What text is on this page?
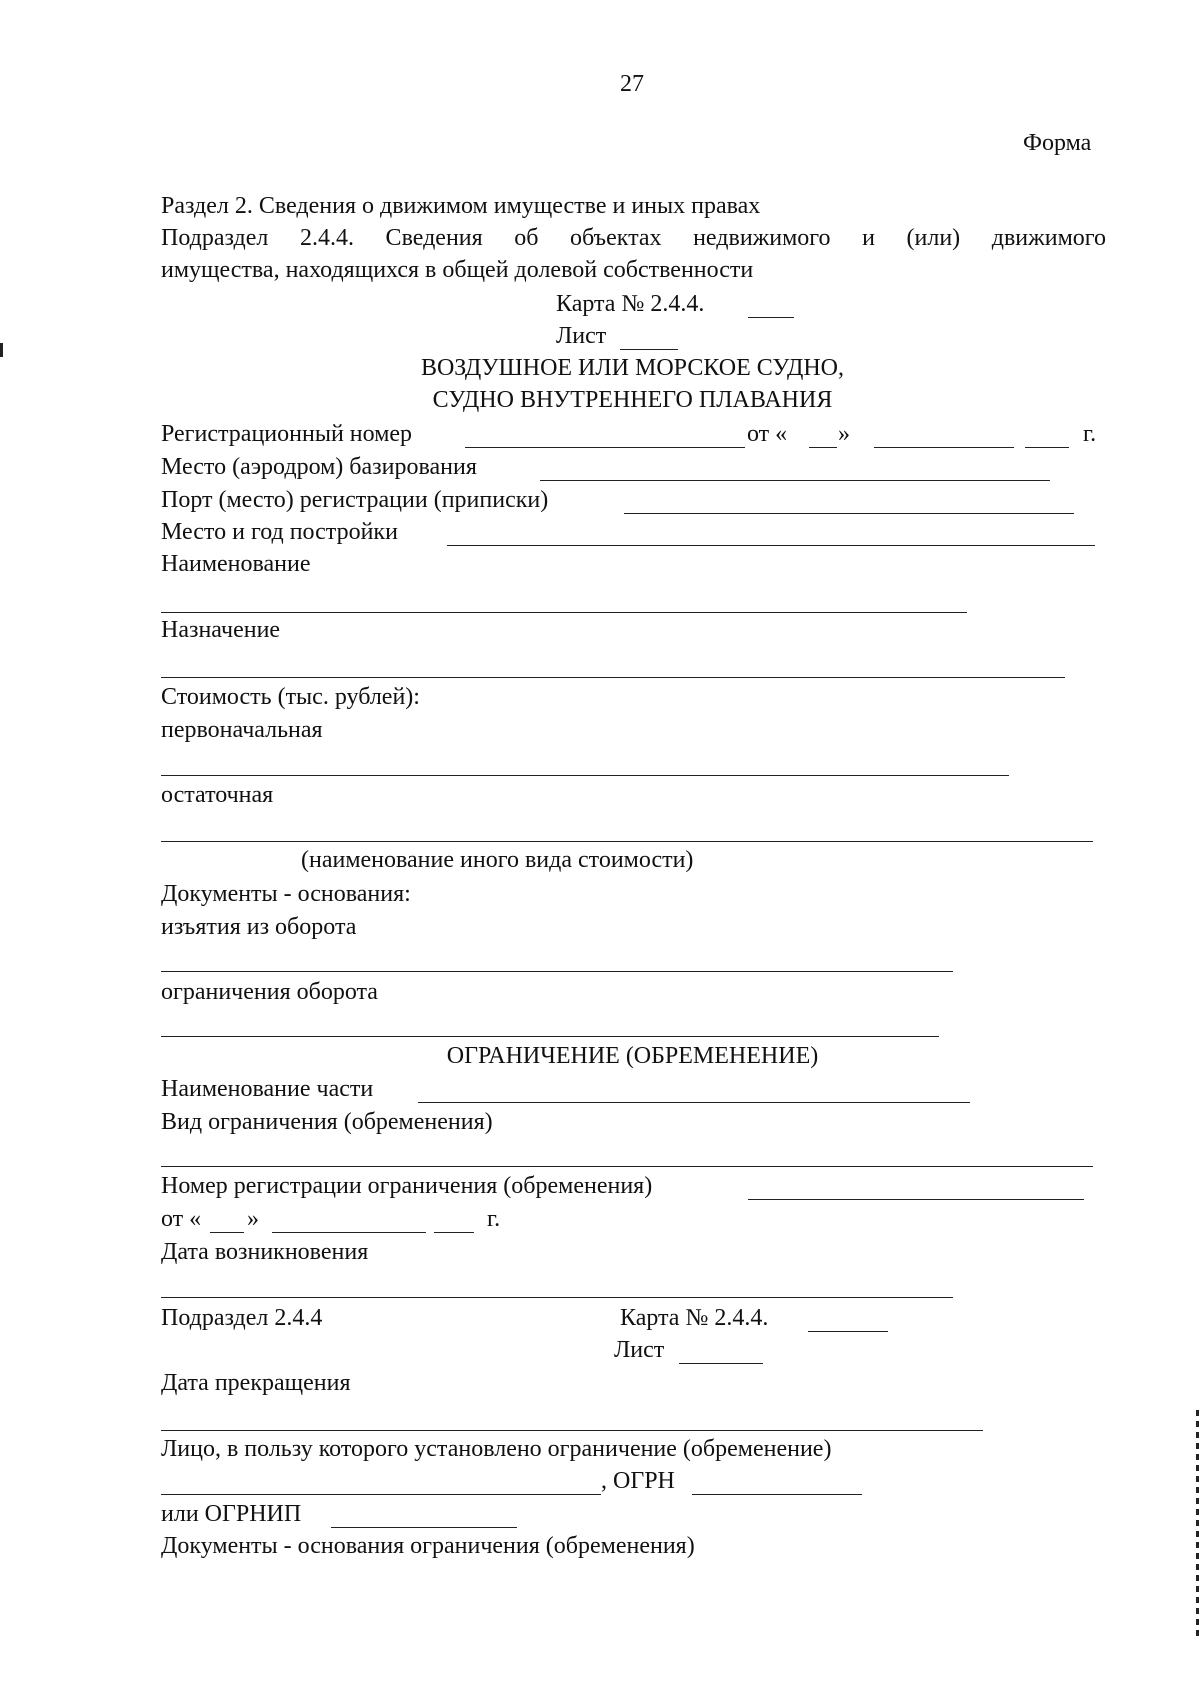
27
Форма
Раздел 2. Сведения о движимом имуществе и иных правах
Подраздел 2.4.4. Сведения об объектах недвижимого и (или) движимого
имущества, находящихся в общей долевой собственности
Карта № 2.4.4.
Лист
ВОЗДУШНОЕ ИЛИ МОРСКОЕ СУДНО,
СУДНО ВНУТРЕННЕГО ПЛАВАНИЯ
Регистрационный номер	от « »	г.
Место (аэродром) базирования
Порт (место) регистрации (приписки)
Место и год постройки
Наименование
Назначение
Стоимость (тыс. рублей):
первоначальная
остаточная
(наименование иного вида стоимости)
Документы - основания:
изъятия из оборота
ограничения оборота
ОГРАНИЧЕНИЕ (ОБРЕМЕНЕНИЕ)
Наименование части
Вид ограничения (обременения)
Номер регистрации ограничения (обременения)
от « »	г.
Дата возникновения
Подраздел 2.4.4	Карта № 2.4.4.
Лист
Дата прекращения
Лицо, в пользу которого установлено ограничение (обременение)
, ОГРН
или ОГРНИП
Документы - основания ограничения (обременения)
